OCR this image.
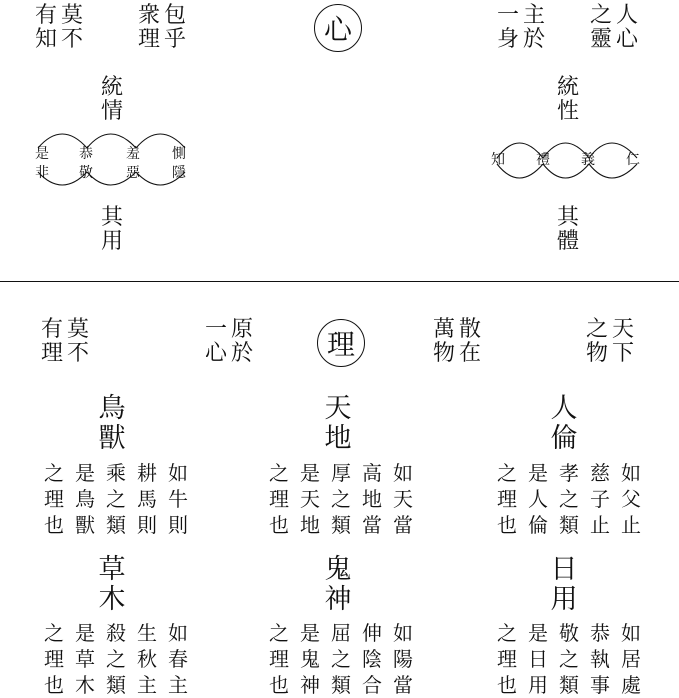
有
知
莫
不
衆
理
包
乎	心	一
身
主
於
之
靈
人
心
統
情
是
非
恭
敬
羞
惡
惻
隱
其
用
統
性
知 禮 義 仁
其
體
有
理
莫
不
一
心
原
於	理	萬
物
散
在
之
物
天
下
鳥
獸
如
牛
則
耕
馬
則
乘
之
類
是
鳥
獸
之
理
也
天
地
如
天
當
高
地
當
厚
之
類
是
天
地
之
理
也
人
倫
如
父
止
慈
子
止
孝
之
類
是
人
倫
之
理
也
草
木
如
春
主
生
秋
主
殺
之
類
是
草
木
之
理
也
鬼
神
如
陽
當
伸
陰
合
屈
之
類
是
鬼
神
之
理
也
日
用
如
居
處
恭
執
事
敬
之
類
是
日
用
之
理
也
